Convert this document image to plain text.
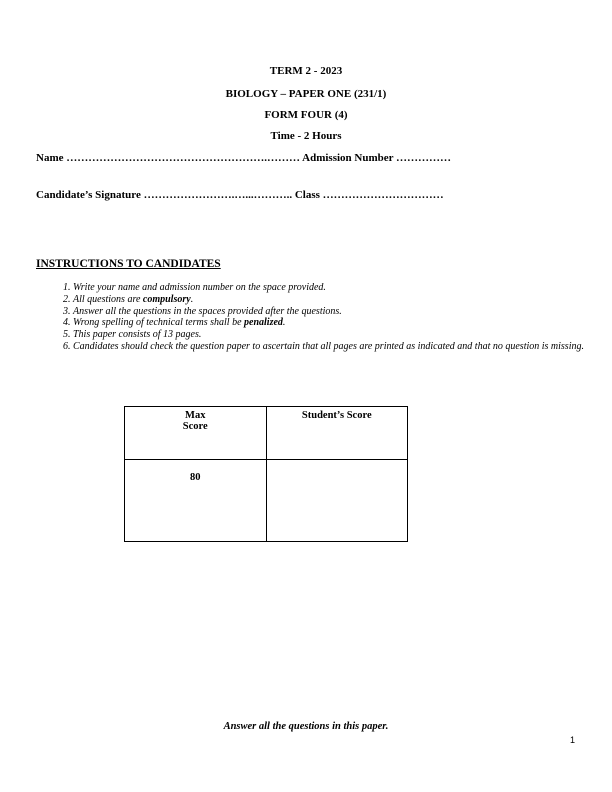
TERM 2 - 2023
BIOLOGY – PAPER ONE (231/1)
FORM FOUR (4)
Time - 2 Hours
Name ……………………………………………….……… Admission Number ……………
Candidate’s Signature …………………….…...……….. Class ……………………………
INSTRUCTIONS TO CANDIDATES
1. Write your name and admission number on the space provided.
2. All questions are compulsory.
3. Answer all the questions in the spaces provided after the questions.
4. Wrong spelling of technical terms shall be penalized.
5. This paper consists of 13 pages.
6. Candidates should check the question paper to ascertain that all pages are printed as indicated and that no question is missing.
Max
Score	Student’s Score
80	
Answer all the questions in this paper.
1
